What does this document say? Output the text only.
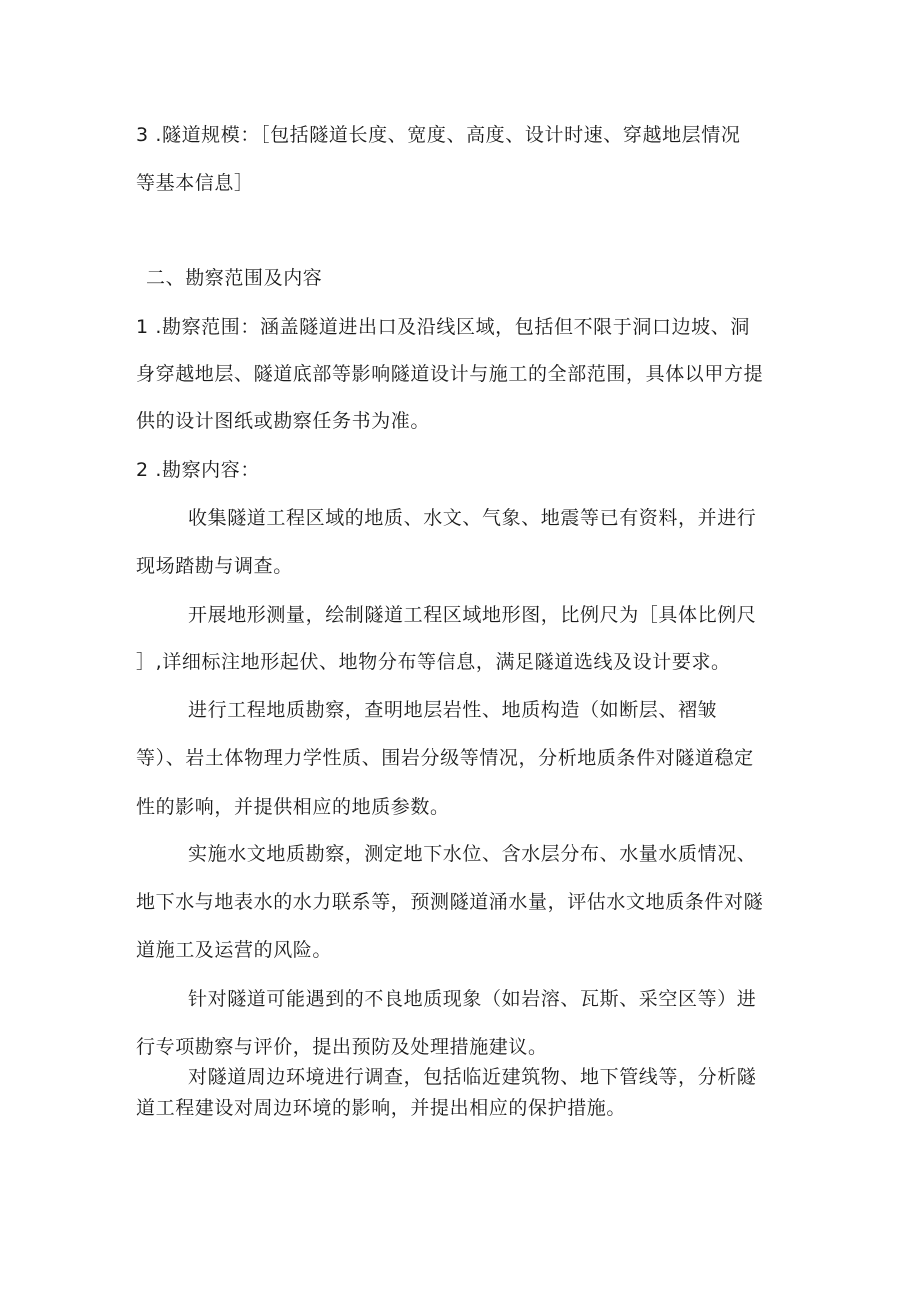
3 .隧道规模：［包括隧道长度、宽度、高度、设计时速、穿越地层情况
等基本信息］
二、勘察范围及内容
1 .勘察范围：涵盖隧道进出口及沿线区域，包括但不限于洞口边坡、洞
身穿越地层、隧道底部等影响隧道设计与施工的全部范围，具体以甲方提
供的设计图纸或勘察任务书为准。
2 .勘察内容：
收集隧道工程区域的地质、水文、气象、地震等已有资料，并进行
现场踏勘与调查。
开展地形测量，绘制隧道工程区域地形图，比例尺为［具体比例尺
］,详细标注地形起伏、地物分布等信息，满足隧道选线及设计要求。
进行工程地质勘察，查明地层岩性、地质构造（如断层、褶皱
等）、岩土体物理力学性质、围岩分级等情况，分析地质条件对隧道稳定
性的影响，并提供相应的地质参数。
实施水文地质勘察，测定地下水位、含水层分布、水量水质情况、
地下水与地表水的水力联系等，预测隧道涌水量，评估水文地质条件对隧
道施工及运营的风险。
针对隧道可能遇到的不良地质现象（如岩溶、瓦斯、采空区等）进
行专项勘察与评价，提出预防及处理措施建议。
对隧道周边环境进行调查，包括临近建筑物、地下管线等，分析隧
道工程建设对周边环境的影响，并提出相应的保护措施。
